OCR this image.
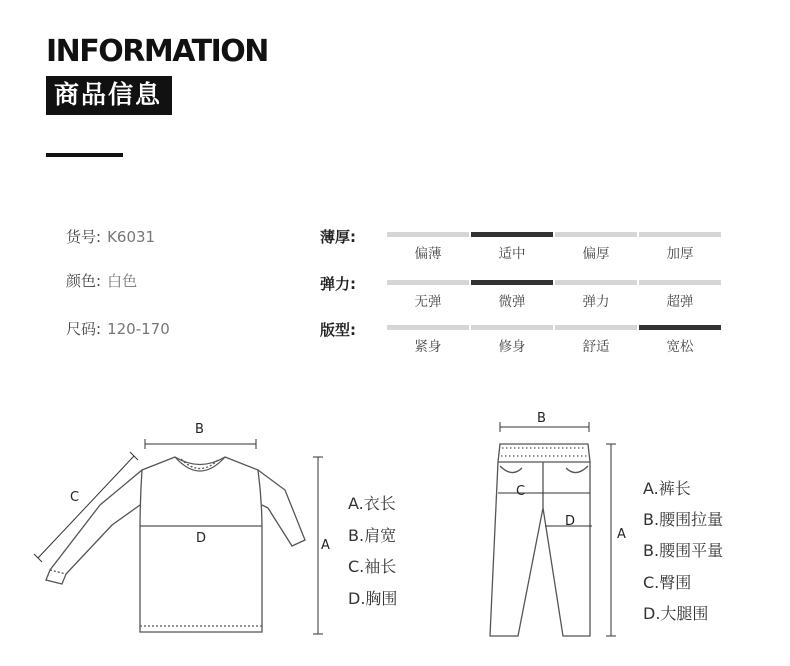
INFORMATION
商品信息
货号: K6031
颜色: 白色
尺码: 120-170
薄厚:
偏薄	适中	偏厚	加厚
弹力:
无弹	微弹	弹力	超弹
版型:
紧身	修身	舒适	宽松
B
C
D	A
A.衣长
B.肩宽
C.袖长
D.胸围
B
C
D
A
A.裤长
B.腰围拉量
B.腰围平量
C.臀围
D.大腿围
